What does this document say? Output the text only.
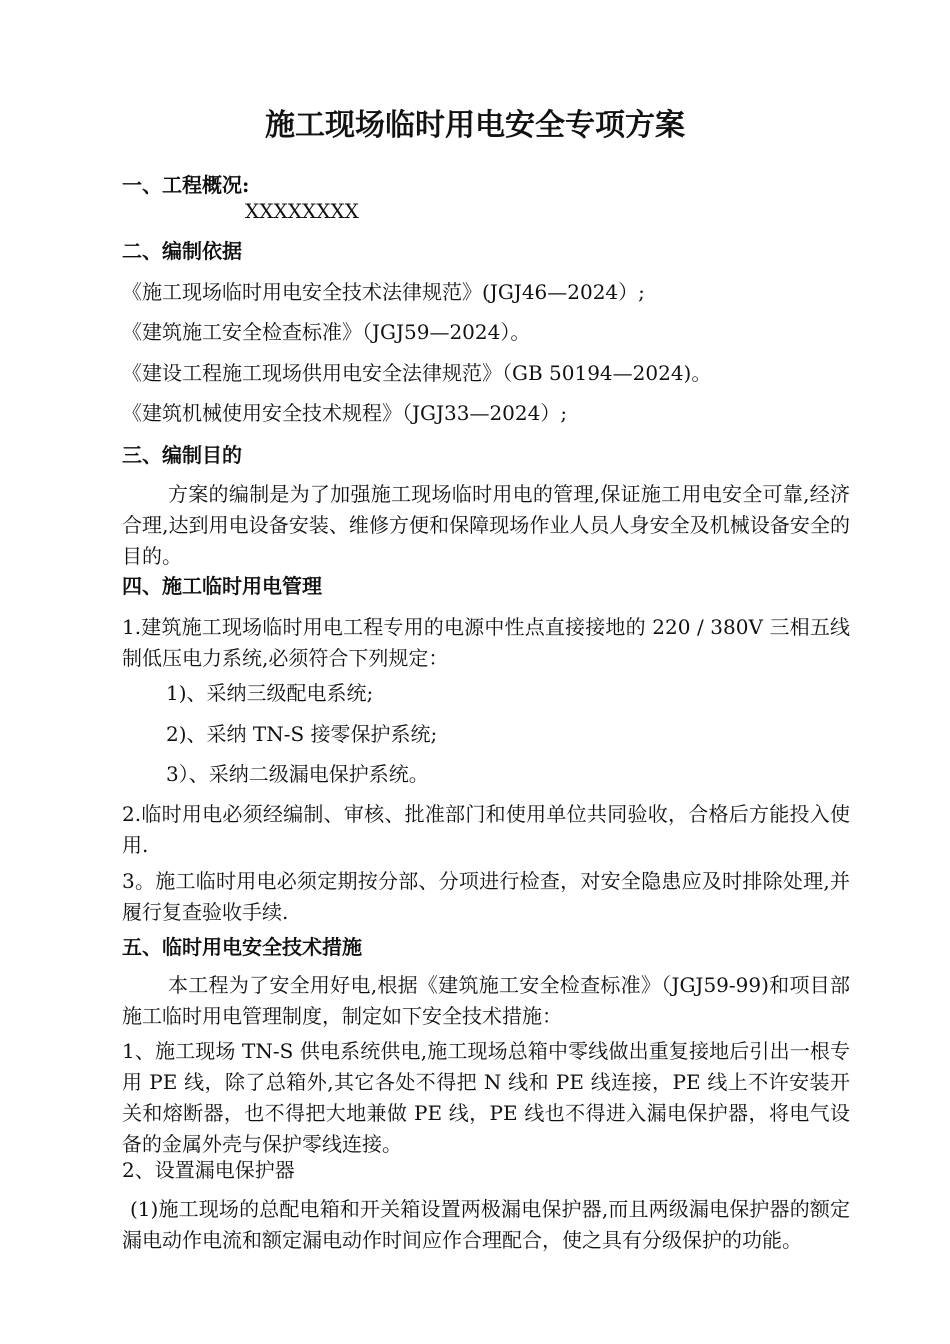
施工现场临时用电安全专项方案
一、工程概况:
XXXXXXXX
二、编制依据
《施工现场临时用电安全技术法律规范》(JGJ46—2024）;
《建筑施工安全检查标准》（JGJ59—2024）。
《建设工程施工现场供用电安全法律规范》（GB 50194—2024)。
《建筑机械使用安全技术规程》（JGJ33—2024）;
三、编制目的

方案的编制是为了加强施工现场临时用电的管理,保证施工用电安全可靠,经济合理,达到用电设备安装、维修方便和保障现场作业人员人身安全及机械设备安全的目的。

四、施工临时用电管理

1.建筑施工现场临时用电工程专用的电源中性点直接接地的 220 / 380V 三相五线制低压电力系统,必须符合下列规定：

1)、采纳三级配电系统;
2)、采纳 TN-S 接零保护系统;
3）、采纳二级漏电保护系统。

2.临时用电必须经编制、审核、批准部门和使用单位共同验收，合格后方能投入使用.

3。施工临时用电必须定期按分部、分项进行检查，对安全隐患应及时排除处理,并履行复查验收手续.

五、临时用电安全技术措施

本工程为了安全用好电,根据《建筑施工安全检查标准》（JGJ59-99)和项目部施工临时用电管理制度，制定如下安全技术措施：

1、施工现场 TN-S 供电系统供电,施工现场总箱中零线做出重复接地后引出一根专用 PE 线，除了总箱外,其它各处不得把 N 线和 PE 线连接，PE 线上不许安装开关和熔断器，也不得把大地兼做 PE 线，PE 线也不得进入漏电保护器，将电气设备的金属外壳与保护零线连接。

2、设置漏电保护器

(1)施工现场的总配电箱和开关箱设置两极漏电保护器,而且两级漏电保护器的额定漏电动作电流和额定漏电动作时间应作合理配合，使之具有分级保护的功能。
